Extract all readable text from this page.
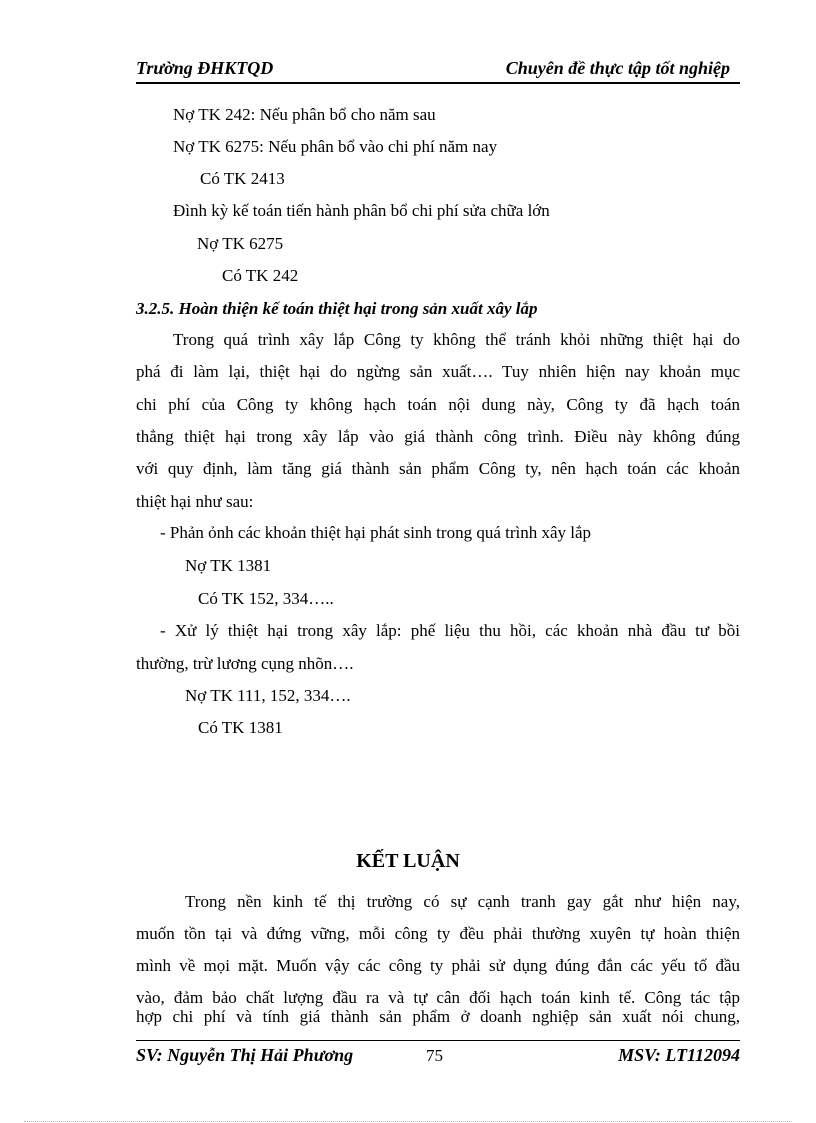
Trường ĐHKTQD	Chuyên đề thực tập tốt nghiệp
Nợ TK 242: Nếu phân bổ cho năm sau
Nợ TK 6275: Nếu phân bổ vào chi phí năm nay
Có TK 2413
Đình kỳ kế toán tiến hành phân bổ chi phí sửa chữa lớn
Nợ TK 6275
Có TK 242
3.2.5. Hoàn thiện kế toán thiệt hại trong sản xuất xây lắp
Trong quá trình xây lắp Công ty không thể tránh khỏi những thiệt hại do
phá đi làm lại, thiệt hại do ngừng sản xuất…. Tuy nhiên hiện nay khoản mục
chi phí của Công ty không hạch toán nội dung này, Công ty đã hạch toán
thẳng thiệt hại trong xây lắp vào giá thành công trình. Điều này không đúng
với quy định, làm tăng giá thành sản phẩm Công ty, nên hạch toán các khoản
thiệt hại như sau:
- Phản ỏnh các khoản thiệt hại phát sinh trong quá trình xây lắp
Nợ TK 1381
Có TK 152, 334…..
- Xử lý thiệt hại trong xây lắp: phế liệu thu hồi, các khoản nhà đầu tư bồi
thường, trừ lương cụng nhõn….
Nợ TK 111, 152, 334….
Có TK 1381
KẾT LUẬN
Trong nền kinh tế thị trường có sự cạnh tranh gay gắt như hiện nay,
muốn tồn tại và đứng vững, mỗi công ty đều phải thường xuyên tự hoàn thiện
mình về mọi mặt. Muốn vậy các công ty phải sử dụng đúng đắn các yếu tố đầu
vào, đảm bảo chất lượng đầu ra và tự cân đối hạch toán kinh tế. Công tác tập
hợp chi phí và tính giá thành sản phẩm ở doanh nghiệp sản xuất nói chung,
SV: Nguyễn Thị Hải Phương	75	MSV: LT112094
